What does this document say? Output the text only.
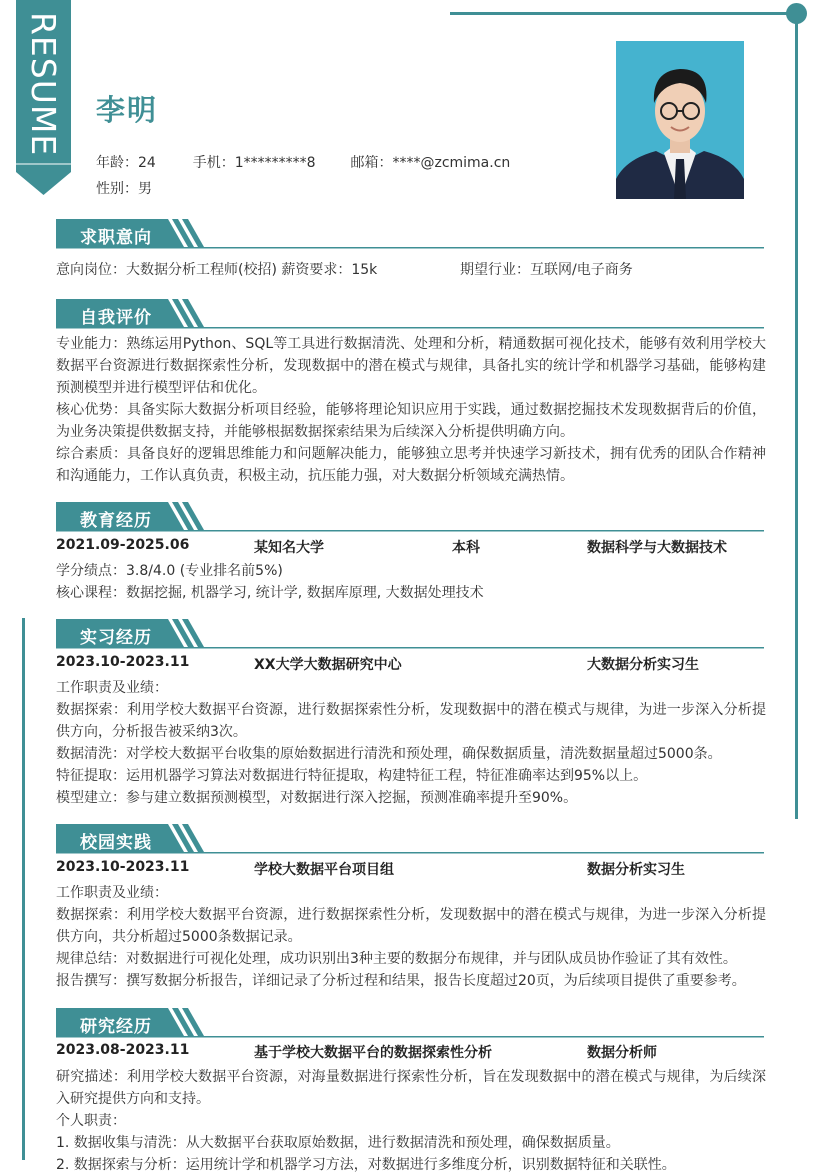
RESUME 李明
年龄：24	手机：1*********8 邮箱：****@zcmima.cn
性别：男
求职意向
意向岗位：大数据分析工程师(校招) 薪资要求：15k	期望行业：互联网/电子商务
自我评价
专业能力：熟练运用Python、SQL等工具进行数据清洗、处理和分析，精通数据可视化技术，能够有效利用学校大数据平台资源进行数据探索性分析，发现数据中的潜在模式与规律，具备扎实的统计学和机器学习基础，能够构建预测模型并进行模型评估和优化。
核心优势：具备实际大数据分析项目经验，能够将理论知识应用于实践，通过数据挖掘技术发现数据背后的价值，为业务决策提供数据支持，并能够根据数据探索结果为后续深入分析提供明确方向。
综合素质：具备良好的逻辑思维能力和问题解决能力，能够独立思考并快速学习新技术，拥有优秀的团队合作精神和沟通能力，工作认真负责，积极主动，抗压能力强，对大数据分析领域充满热情。
教育经历
2021.09-2025.06	某知名大学	本科	数据科学与大数据技术
学分绩点：3.8/4.0 (专业排名前5%)
核心课程：数据挖掘, 机器学习, 统计学, 数据库原理, 大数据处理技术
实习经历
2023.10-2023.11	XX大学大数据研究中心	大数据分析实习生
工作职责及业绩：
数据探索：利用学校大数据平台资源，进行数据探索性分析，发现数据中的潜在模式与规律，为进一步深入分析提供方向，分析报告被采纳3次。
数据清洗：对学校大数据平台收集的原始数据进行清洗和预处理，确保数据质量，清洗数据量超过5000条。
特征提取：运用机器学习算法对数据进行特征提取，构建特征工程，特征准确率达到95%以上。
模型建立：参与建立数据预测模型，对数据进行深入挖掘，预测准确率提升至90%。
校园实践
2023.10-2023.11	学校大数据平台项目组	数据分析实习生
工作职责及业绩：
数据探索：利用学校大数据平台资源，进行数据探索性分析，发现数据中的潜在模式与规律，为进一步深入分析提供方向，共分析超过5000条数据记录。
规律总结：对数据进行可视化处理，成功识别出3种主要的数据分布规律，并与团队成员协作验证了其有效性。
报告撰写：撰写数据分析报告，详细记录了分析过程和结果，报告长度超过20页，为后续项目提供了重要参考。
研究经历
2023.08-2023.11	基于学校大数据平台的数据探索性分析	数据分析师
研究描述：利用学校大数据平台资源，对海量数据进行探索性分析，旨在发现数据中的潜在模式与规律，为后续深入研究提供方向和支持。
个人职责：
1. 数据收集与清洗：从大数据平台获取原始数据，进行数据清洗和预处理，确保数据质量。
2. 数据探索与分析：运用统计学和机器学习方法，对数据进行多维度分析，识别数据特征和关联性。
